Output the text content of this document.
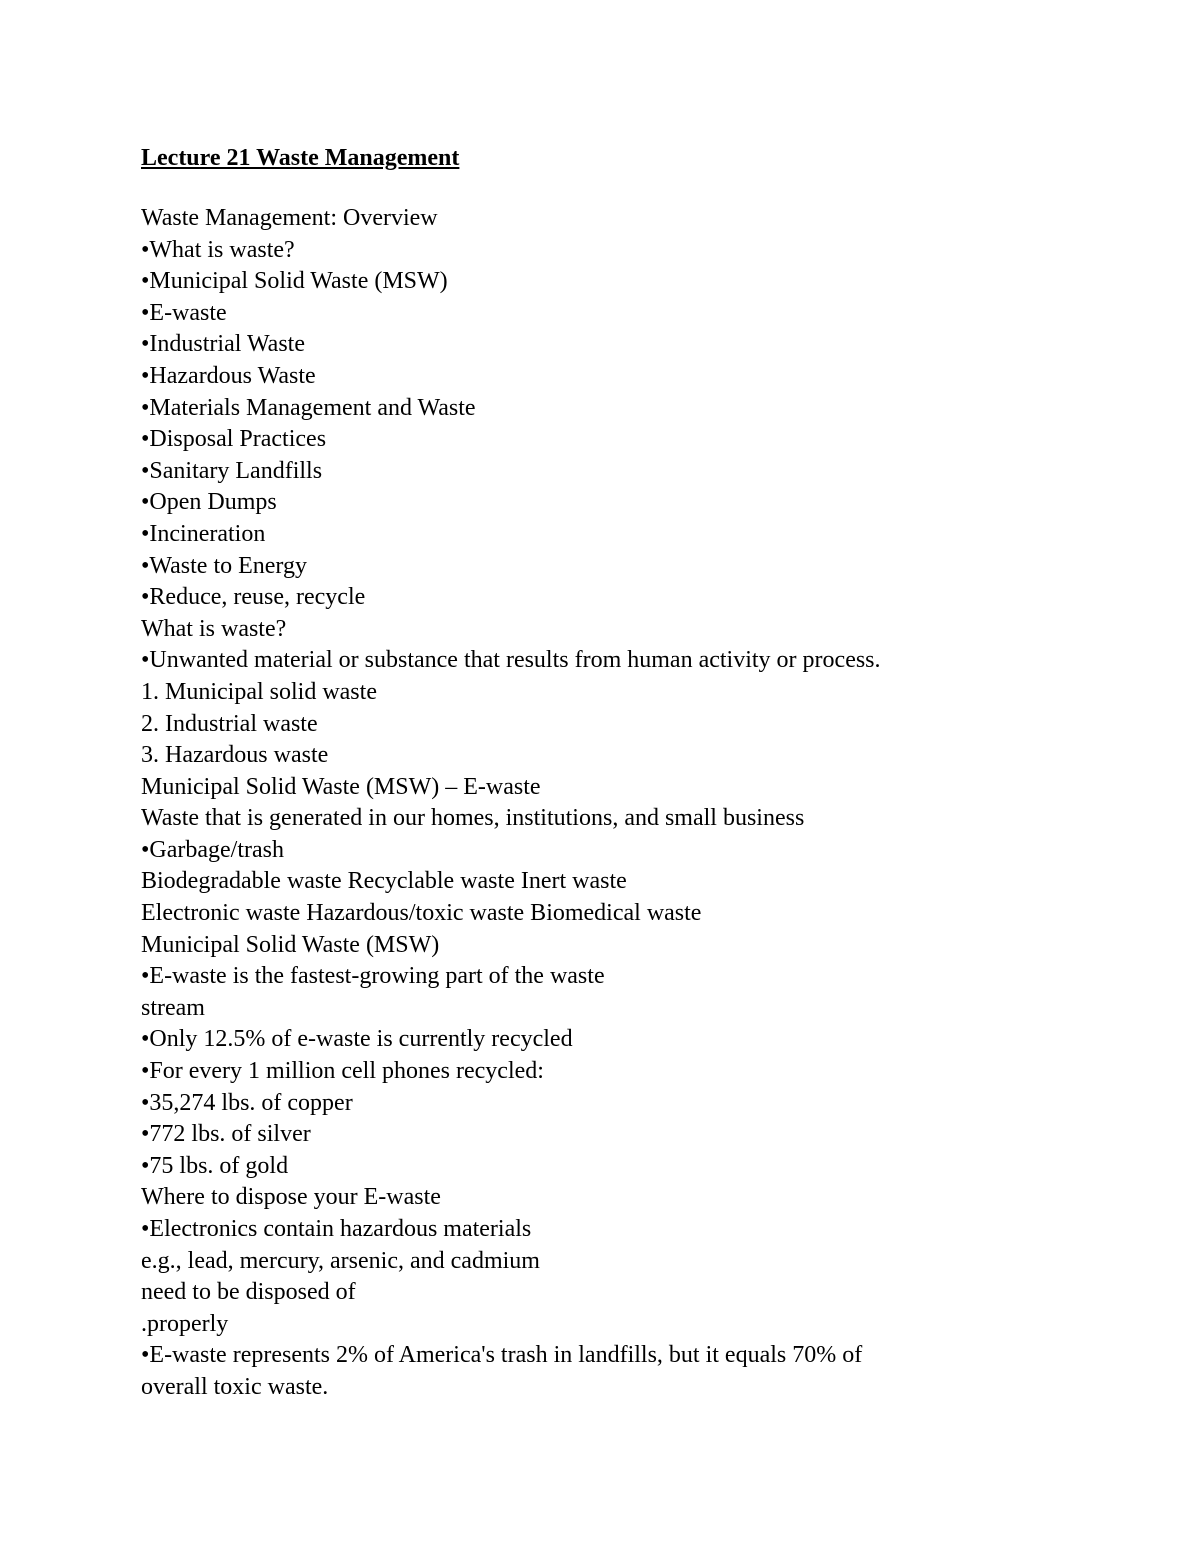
Lecture 21 Waste Management
Waste Management: Overview
•What is waste?
•Municipal Solid Waste (MSW)
•E-waste
•Industrial Waste
•Hazardous Waste
•Materials Management and Waste
•Disposal Practices
•Sanitary Landfills
•Open Dumps
•Incineration
•Waste to Energy
•Reduce, reuse, recycle
What is waste?
•Unwanted material or substance that results from human activity or process.
1. Municipal solid waste
2. Industrial waste
3. Hazardous waste
Municipal Solid Waste (MSW) – E-waste
Waste that is generated in our homes, institutions, and small business
•Garbage/trash
Biodegradable waste Recyclable waste Inert waste
Electronic waste Hazardous/toxic waste Biomedical waste
Municipal Solid Waste (MSW)
•E-waste is the fastest-growing part of the waste
stream
•Only 12.5% of e-waste is currently recycled
•For every 1 million cell phones recycled:
•35,274 lbs. of copper
•772 lbs. of silver
•75 lbs. of gold
Where to dispose your E-waste
•Electronics contain hazardous materials
e.g., lead, mercury, arsenic, and cadmium
need to be disposed of
.properly
•E-waste represents 2% of America's trash in landfills, but it equals 70% of
overall toxic waste.
